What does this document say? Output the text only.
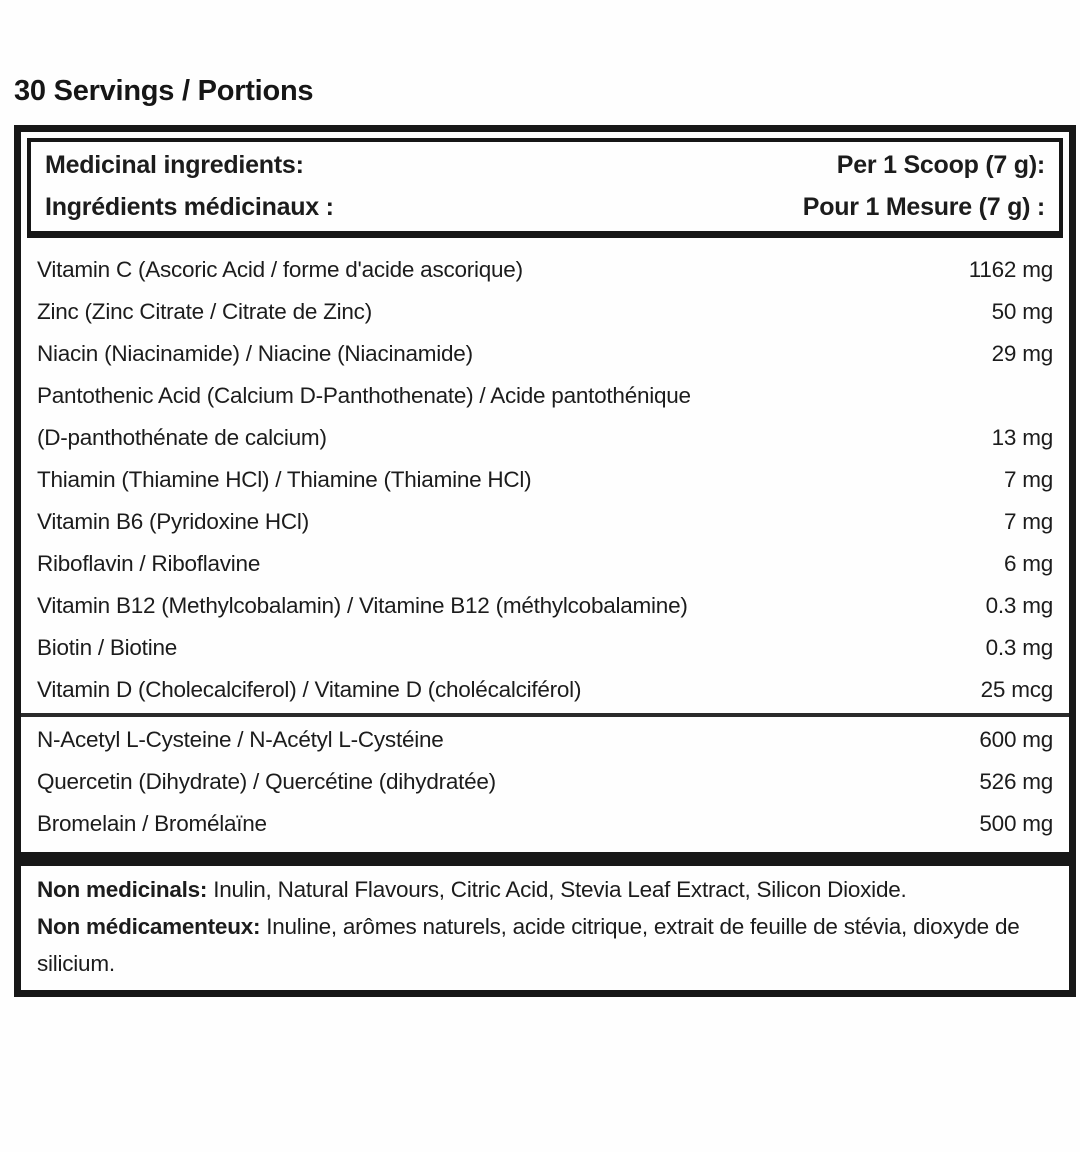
30 Servings / Portions
Medicinal ingredients:
Ingrédients médicinaux :
Per 1 Scoop (7 g):
Pour 1 Mesure (7 g) :
Vitamin C (Ascoric Acid / forme d'acide ascorique)	1162 mg
Zinc (Zinc Citrate / Citrate de Zinc)	50 mg
Niacin (Niacinamide) / Niacine (Niacinamide)	29 mg
Pantothenic Acid (Calcium D-Panthothenate) / Acide pantothénique
(D-panthothénate de calcium)	13 mg
Thiamin (Thiamine HCl) / Thiamine (Thiamine HCl)	7 mg
Vitamin B6 (Pyridoxine HCl)	7 mg
Riboflavin / Riboflavine	6 mg
Vitamin B12 (Methylcobalamin) / Vitamine B12 (méthylcobalamine)	0.3 mg
Biotin / Biotine	0.3 mg
Vitamin D (Cholecalciferol) / Vitamine D (cholécalciférol)	25 mcg
N-Acetyl L-Cysteine / N-Acétyl L-Cystéine	600 mg
Quercetin (Dihydrate) / Quercétine (dihydratée)	526 mg
Bromelain / Bromélaïne	500 mg

Non medicinals: Inulin, Natural Flavours, Citric Acid, Stevia Leaf Extract, Silicon Dioxide.

Non médicamenteux: Inuline, arômes naturels, acide citrique, extrait de feuille de stévia, dioxyde de silicium.
